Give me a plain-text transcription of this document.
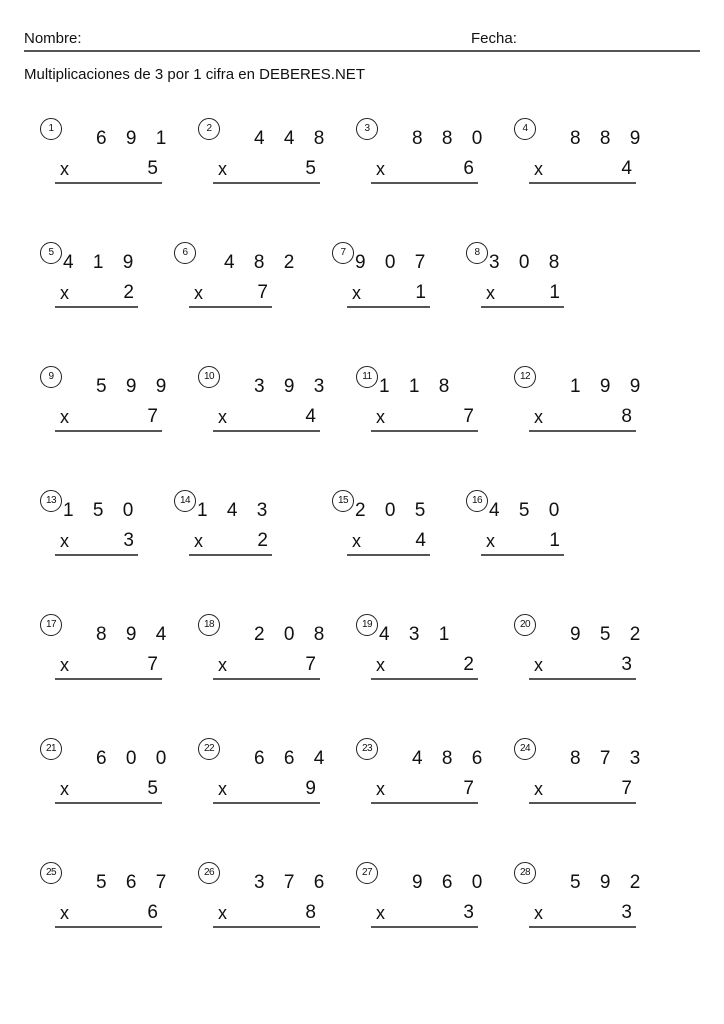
Nombre:	Fecha:
Multiplicaciones de 3 por 1 cifra en DEBERES.NET
1	6 9 1
x	5
2	4 4 8
x	5
3	8 8 0
x	6
4	8 8 9
x	4
5 4 1 9
x	2
6	4 8 2
x	7
7 9 0 7
x	1
8 3 0 8
x	1
9	5 9 9
x	7
10	3 9 3
x	4
11 1 1 8
x	7
12	1 9 9
x	8
13 1 5 0
x	3
14 1 4 3
x	2
15 2 0 5
x	4
16 4 5 0
x	1
17	8 9 4
x	7
18	2 0 8
x	7
19 4 3 1
x	2
20	9 5 2
x	3
21	6 0 0
x	5
22	6 6 4
x	9
23	4 8 6
x	7
24	8 7 3
x	7
25	5 6 7
x	6
26	3 7 6
x	8
27	9 6 0
x	3
28	5 9 2
x	3
